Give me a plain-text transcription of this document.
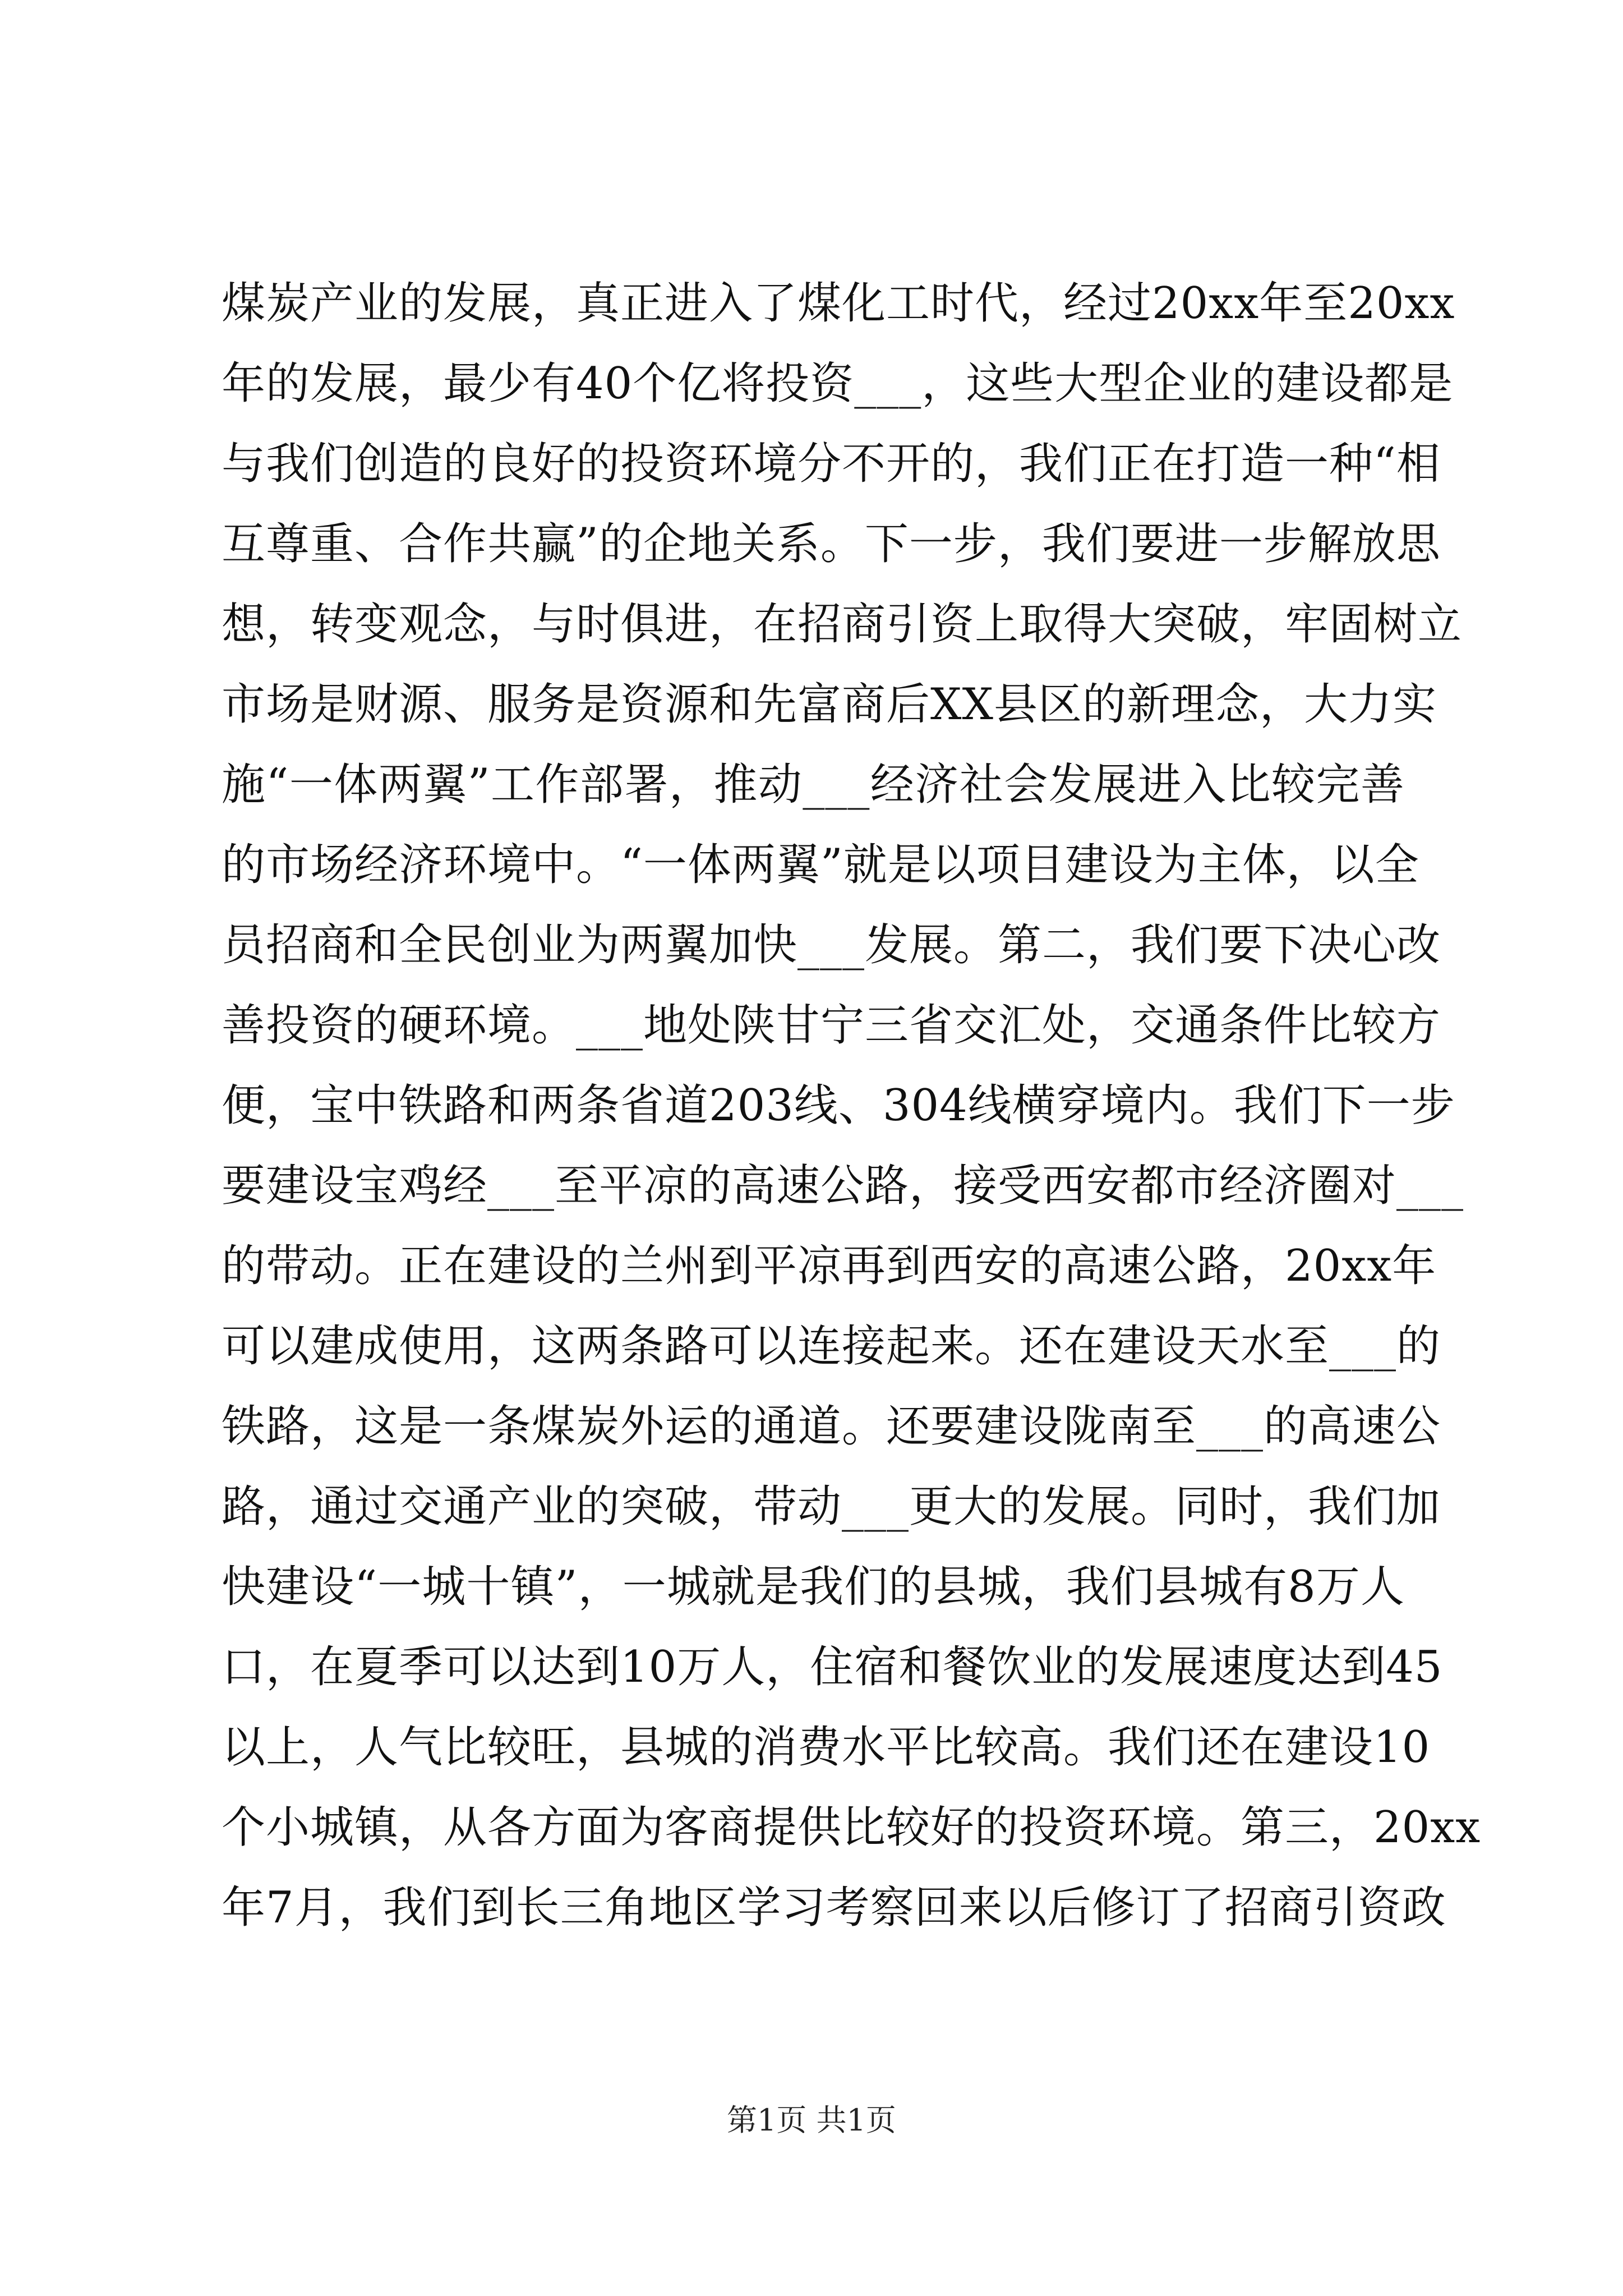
煤炭产业的发展，真正进入了煤化工时代，经过20xx年至20xx
年的发展，最少有40个亿将投资___，这些大型企业的建设都是
与我们创造的良好的投资环境分不开的，我们正在打造一种“相
互尊重、合作共赢”的企地关系。下一步，我们要进一步解放思
想，转变观念，与时俱进，在招商引资上取得大突破，牢固树立
市场是财源、服务是资源和先富商后XX县区的新理念，大力实
施“一体两翼”工作部署，推动___经济社会发展进入比较完善
的市场经济环境中。“一体两翼”就是以项目建设为主体，以全
员招商和全民创业为两翼加快___发展。第二，我们要下决心改
善投资的硬环境。___地处陕甘宁三省交汇处，交通条件比较方
便，宝中铁路和两条省道203线、304线横穿境内。我们下一步
要建设宝鸡经___至平凉的高速公路，接受西安都市经济圈对___
的带动。正在建设的兰州到平凉再到西安的高速公路，20xx年
可以建成使用，这两条路可以连接起来。还在建设天水至___的
铁路，这是一条煤炭外运的通道。还要建设陇南至___的高速公
路，通过交通产业的突破，带动___更大的发展。同时，我们加
快建设“一城十镇”，一城就是我们的县城，我们县城有8万人
口，在夏季可以达到10万人，住宿和餐饮业的发展速度达到45
以上，人气比较旺，县城的消费水平比较高。我们还在建设10
个小城镇，从各方面为客商提供比较好的投资环境。第三，20xx
年7月，我们到长三角地区学习考察回来以后修订了招商引资政
第1页 共1页
